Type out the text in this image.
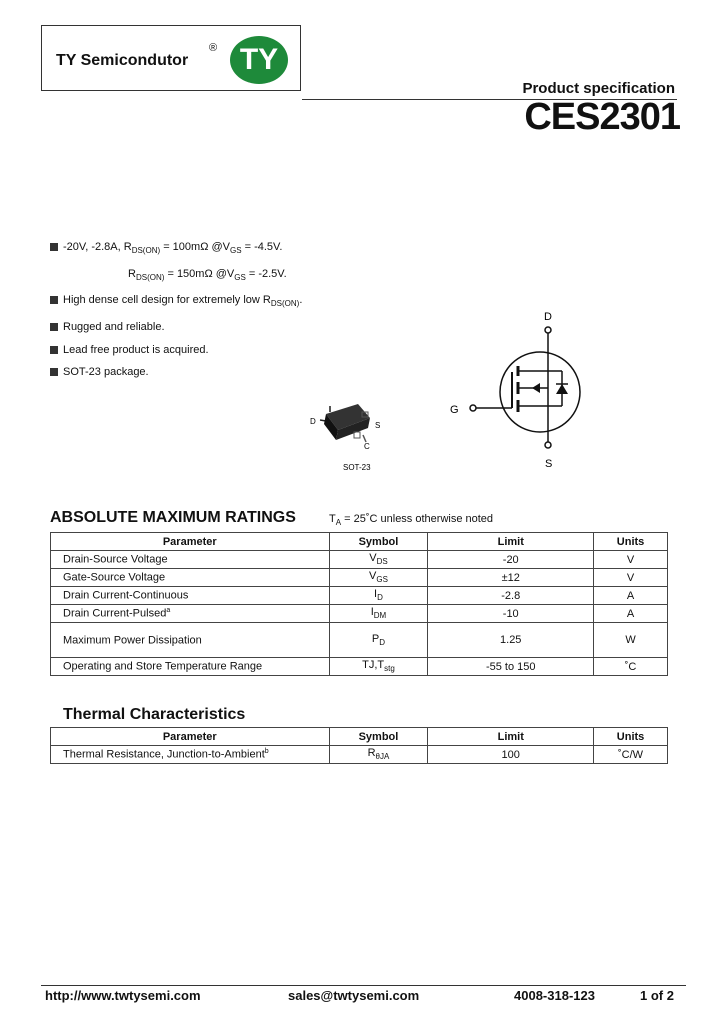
TY Semicondutor
® TY
Product specification
CES2301
-20V, -2.8A, $R_{DS(ON)} = 100m\Omega$ $@V_{GS} = -4.5V$.
$R_{DS(ON)} = 150m\Omega$ $@V_{GS} = -2.5V$.
High dense cell design for extremely low $R_{DS(ON)}$.
Rugged and reliable.
Lead free product is acquired.
SOT-23 package.
D	S
C
SOT-23
D
S
G
ABSOLUTE MAXIMUM RATINGS	$T_A$ = 25˚C unless otherwise noted
Parameter	Symbol	Limit	Units
Drain-Source Voltage	$V_{DS}$	-20	V
Gate-Source Voltage	$V_{GS}$	±12	V
Drain Current-Continuous	$I_D$	-2.8	A
Drain Current-Pulsed$^a$	$I_{DM}$	-10	A
Maximum Power Dissipation	$P_D$	1.25	W
Operating and Store Temperature Range	$TJ,T_{stg}$	-55 to 150	˚C
Thermal Characteristics
Parameter	Symbol	Limit	Units
Thermal Resistance, Junction-to-Ambient$^b$	$R_{\theta JA}$	100	˚C/W
http://www.twtysemi.com	sales@twtysemi.com	4008-318-123	1 of 2
